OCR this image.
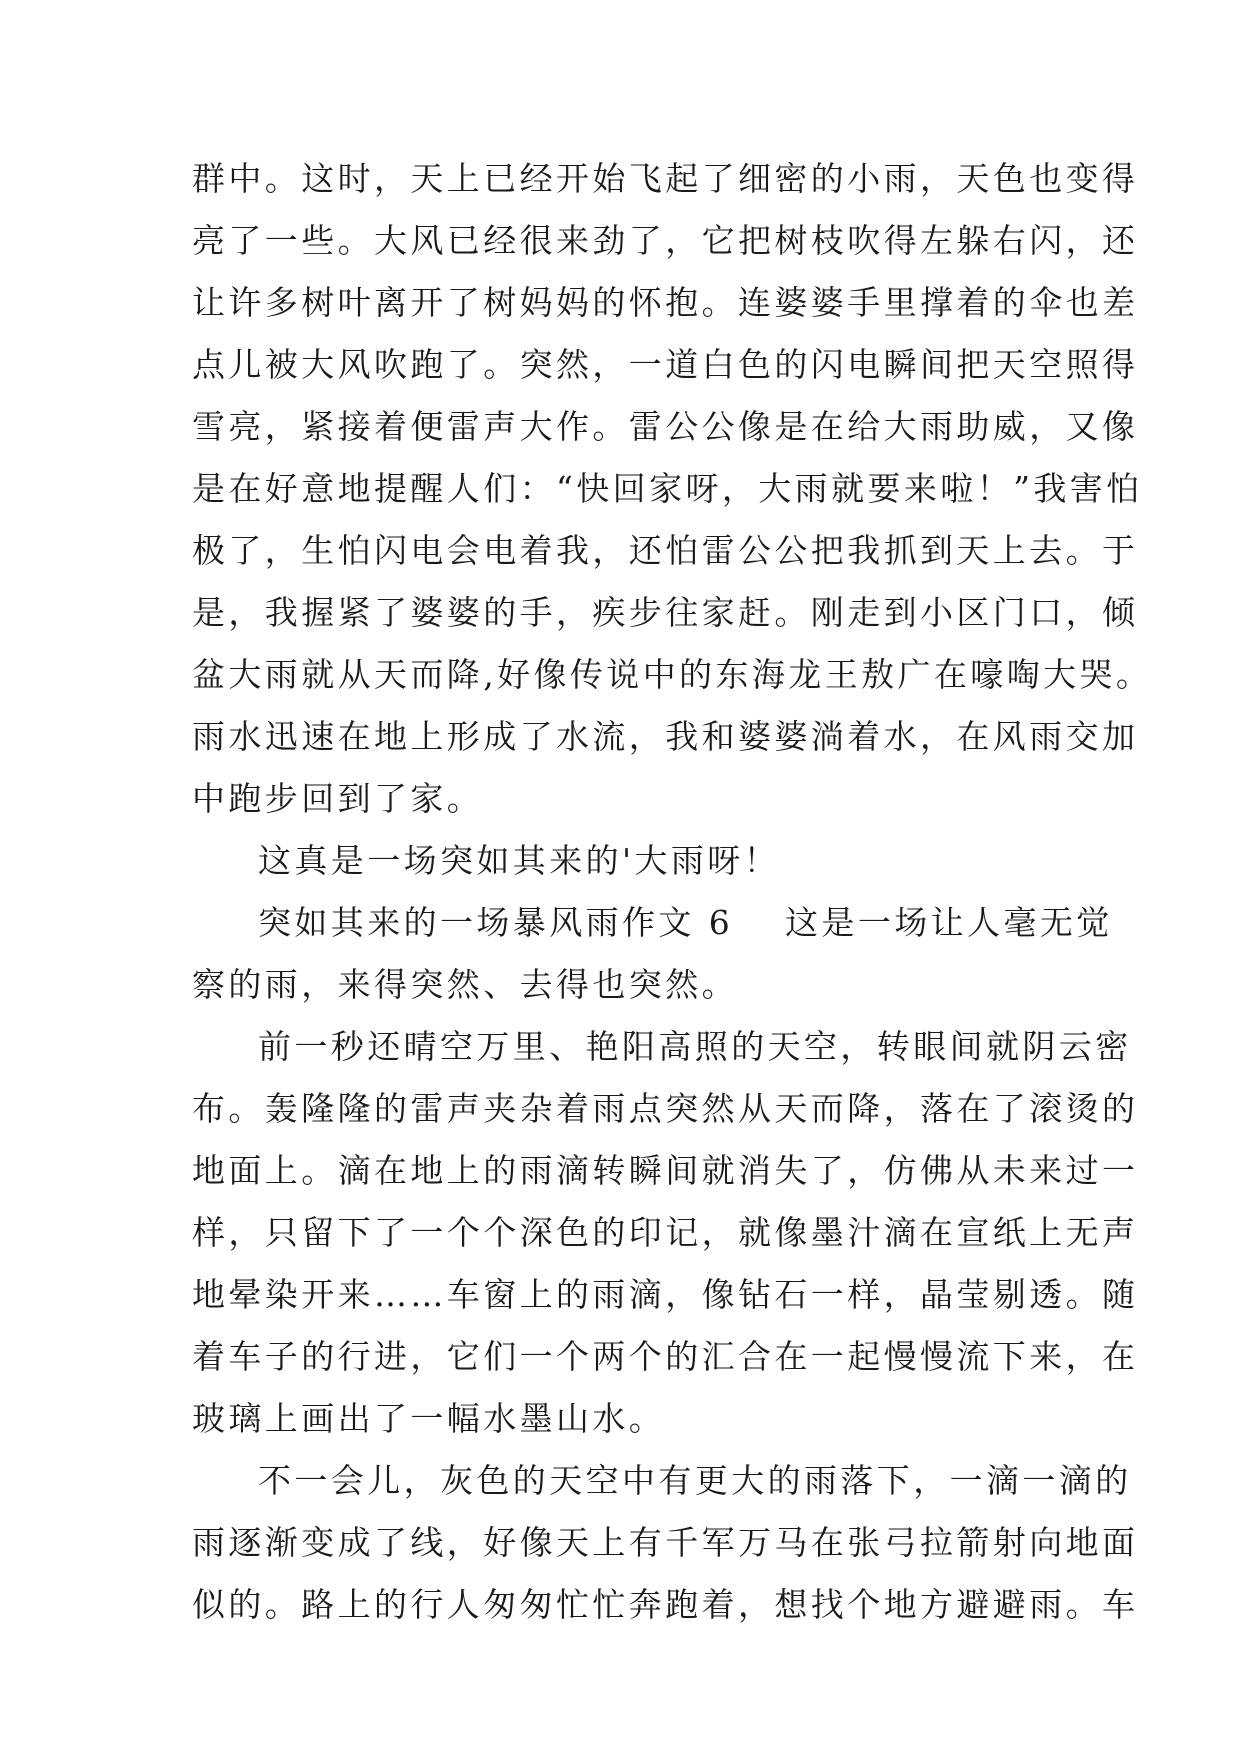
群中。这时，天上已经开始飞起了细密的小雨，天色也变得
亮了一些。大风已经很来劲了，它把树枝吹得左躲右闪，还
让许多树叶离开了树妈妈的怀抱。连婆婆手里撑着的伞也差
点儿被大风吹跑了。突然，一道白色的闪电瞬间把天空照得
雪亮，紧接着便雷声大作。雷公公像是在给大雨助威，又像
是在好意地提醒人们：“快回家呀，大雨就要来啦！”我害怕
极了，生怕闪电会电着我，还怕雷公公把我抓到天上去。于
是，我握紧了婆婆的手，疾步往家赶。刚走到小区门口，倾
盆大雨就从天而降,好像传说中的东海龙王敖广在嚎啕大哭。
雨水迅速在地上形成了水流，我和婆婆淌着水，在风雨交加
中跑步回到了家。
这真是一场突如其来的'大雨呀！
突如其来的一场暴风雨作文 6 这是一场让人毫无觉
察的雨，来得突然、去得也突然。
前一秒还晴空万里、艳阳高照的天空，转眼间就阴云密
布。轰隆隆的雷声夹杂着雨点突然从天而降，落在了滚烫的
地面上。滴在地上的雨滴转瞬间就消失了，仿佛从未来过一
样，只留下了一个个深色的印记，就像墨汁滴在宣纸上无声
地晕染开来……车窗上的雨滴，像钻石一样，晶莹剔透。随
着车子的行进，它们一个两个的汇合在一起慢慢流下来，在
玻璃上画出了一幅水墨山水。
不一会儿，灰色的天空中有更大的雨落下，一滴一滴的
雨逐渐变成了线，好像天上有千军万马在张弓拉箭射向地面
似的。路上的行人匆匆忙忙奔跑着，想找个地方避避雨。车
